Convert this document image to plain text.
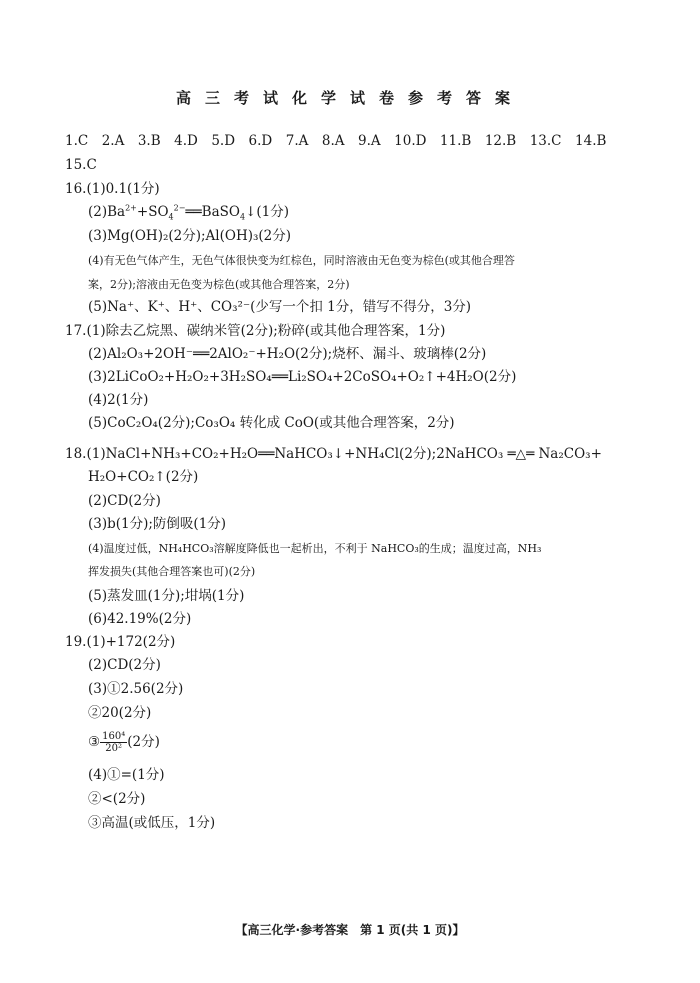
高三考试化学试卷参考答案
1.C　2.A　3.B　4.D　5.D　6.D　7.A　8.A　9.A　10.D　11.B　12.B　13.C　14.B
15.C
16.(1)0.1(1分)
$(2)Ba^{2+}+SO_4^{2-}══BaSO_4↓(1$分)
(3)Mg(OH)₂(2分);Al(OH)₃(2分)
(4)有无色气体产生，无色气体很快变为红棕色，同时溶液由无色变为棕色(或其他合理答
案，2分);溶液由无色变为棕色(或其他合理答案，2分)
(5)Na⁺、K⁺、H⁺、CO₃²⁻(少写一个扣 1分，错写不得分，3分)
17.(1)除去乙烷黑、碳纳米管(2分);粉碎(或其他合理答案，1分)
(2)Al₂O₃+2OH⁻══2AlO₂⁻+H₂O(2分);烧杯、漏斗、玻璃棒(2分)
(3)2LiCoO₂+H₂O₂+3H₂SO₄══Li₂SO₄+2CoSO₄+O₂↑+4H₂O(2分)
(4)2(1分)
(5)CoC₂O₄(2分);Co₃O₄ 转化成 CoO(或其他合理答案，2分)
18.(1)NaCl+NH₃+CO₂+H₂O══NaHCO₃↓+NH₄Cl(2分);2NaHCO₃ ═△═ Na₂CO₃+
H₂O+CO₂↑(2分)
(2)CD(2分)
(3)b(1分);防倒吸(1分)
(4)温度过低，NH₄HCO₃溶解度降低也一起析出，不利于 NaHCO₃的生成；温度过高，NH₃
挥发损失(其他合理答案也可)(2分)
(5)蒸发皿(1分);坩埚(1分)
(6)42.19%(2分)
19.(1)+172(2分)
(2)CD(2分)
(3)①2.56(2分)
②20(2分)
③ $\frac{\text{160⁴}}{\text{20²}} (2$分)
(4)①=(1分)
②<(2分)
③高温(或低压，1分)
【高三化学·参考答案　第 1 页(共 1 页)】
